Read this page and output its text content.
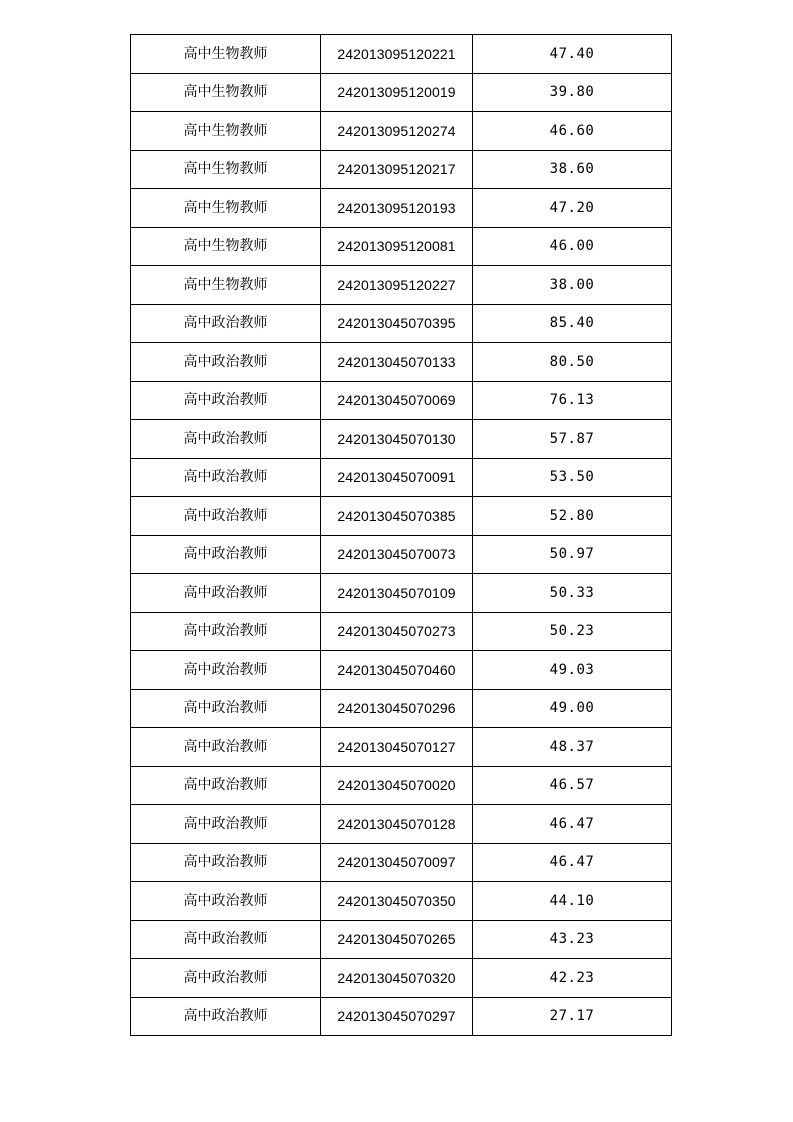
高中生物教师	242013095120221	47.40
高中生物教师	242013095120019	39.80
高中生物教师	242013095120274	46.60
高中生物教师	242013095120217	38.60
高中生物教师	242013095120193	47.20
高中生物教师	242013095120081	46.00
高中生物教师	242013095120227	38.00
高中政治教师	242013045070395	85.40
高中政治教师	242013045070133	80.50
高中政治教师	242013045070069	76.13
高中政治教师	242013045070130	57.87
高中政治教师	242013045070091	53.50
高中政治教师	242013045070385	52.80
高中政治教师	242013045070073	50.97
高中政治教师	242013045070109	50.33
高中政治教师	242013045070273	50.23
高中政治教师	242013045070460	49.03
高中政治教师	242013045070296	49.00
高中政治教师	242013045070127	48.37
高中政治教师	242013045070020	46.57
高中政治教师	242013045070128	46.47
高中政治教师	242013045070097	46.47
高中政治教师	242013045070350	44.10
高中政治教师	242013045070265	43.23
高中政治教师	242013045070320	42.23
高中政治教师	242013045070297	27.17
